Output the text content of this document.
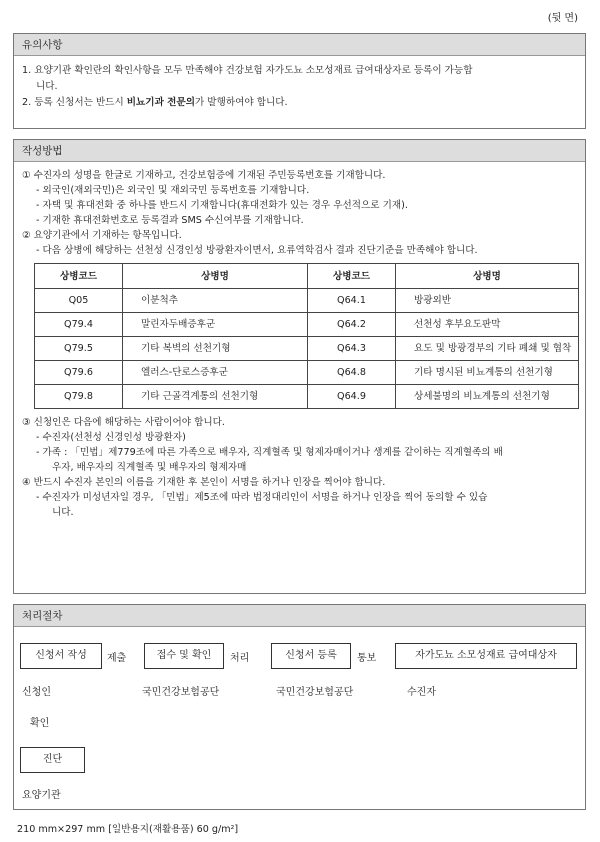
(뒷 면)
유의사항
1. 요양기관 확인란의 확인사항을 모두 만족해야 건강보험 자가도뇨 소모성재료 급여대상자로 등록이 가능합
니다.
2. 등록 신청서는 반드시 비뇨기과 전문의가 발행하여야 합니다.
작성방법
① 수진자의 성명을 한글로 기재하고, 건강보험증에 기재된 주민등록번호를 기재합니다.
- 외국인(재외국민)은 외국인 및 재외국민 등록번호를 기재합니다.
- 자택 및 휴대전화 중 하나를 반드시 기재합니다(휴대전화가 있는 경우 우선적으로 기재).
- 기재한 휴대전화번호로 등록결과 SMS 수신여부를 기재합니다.
② 요양기관에서 기재하는 항목입니다.
- 다음 상병에 해당하는 선천성 신경인성 방광환자이면서, 요류역학검사 결과 진단기준을 만족해야 합니다.
상병코드	상병명	상병코드	상병명
Q05	이분척추	Q64.1	방광외반
Q79.4	말린자두배증후군	Q64.2	선천성 후부요도판막
Q79.5	기타 복벽의 선천기형	Q64.3	요도 및 방광경부의 기타 폐쇄 및 협착
Q79.6	엘러스-단로스증후군	Q64.8	기타 명시된 비뇨계통의 선천기형
Q79.8	기타 근골격계통의 선천기형	Q64.9	상세불명의 비뇨계통의 선천기형
③ 신청인은 다음에 해당하는 사람이어야 합니다.
- 수진자(선천성 신경인성 방광환자)
- 가족 : 「민법」제779조에 따른 가족으로 배우자, 직계혈족 및 형제자매이거나 생계를 같이하는 직계혈족의 배
우자, 배우자의 직계혈족 및 배우자의 형제자매
④ 반드시 수진자 본인의 이름을 기재한 후 본인이 서명을 하거나 인장을 찍어야 합니다.
- 수진자가 미성년자일 경우, 「민법」제5조에 따라 법정대리인이 서명을 하거나 인장을 찍어 동의할 수 있습
니다.
처리절차
신청서 작성	제출	접수 및 확인	처리	신청서 등록	통보	자가도뇨 소모성재료 급여대상자
신청인	국민건강보험공단	국민건강보험공단	수진자
확인
진단
요양기관
210 mm×297 mm [일반용지(재활용품) 60 g/m²]
